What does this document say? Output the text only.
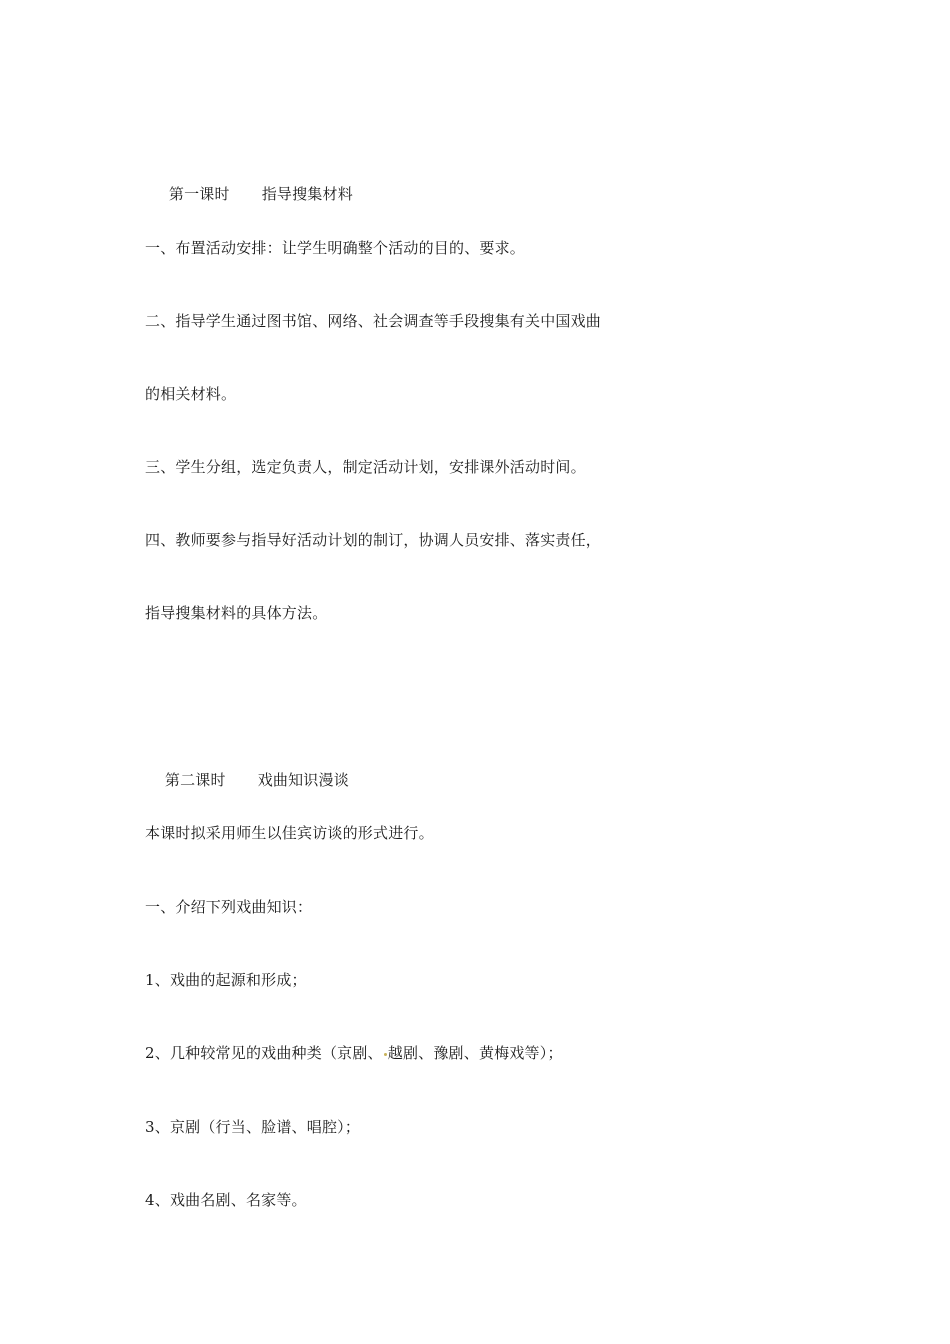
第一课时 指导搜集材料

一、布置活动安排：让学生明确整个活动的目的、要求。
二、指导学生通过图书馆、网络、社会调查等手段搜集有关中国戏曲
的相关材料。
三、学生分组，选定负责人，制定活动计划，安排课外活动时间。
四、教师要参与指导好活动计划的制订，协调人员安排、落实责任，
指导搜集材料的具体方法。

第二课时 戏曲知识漫谈

本课时拟采用师生以佳宾访谈的形式进行。
一、介绍下列戏曲知识：
1、戏曲的起源和形成；
2、几种较常见的戏曲种类（京剧、 越剧、豫剧、黄梅戏等）；
3、京剧（行当、脸谱、唱腔）；
4、戏曲名剧、名家等。
